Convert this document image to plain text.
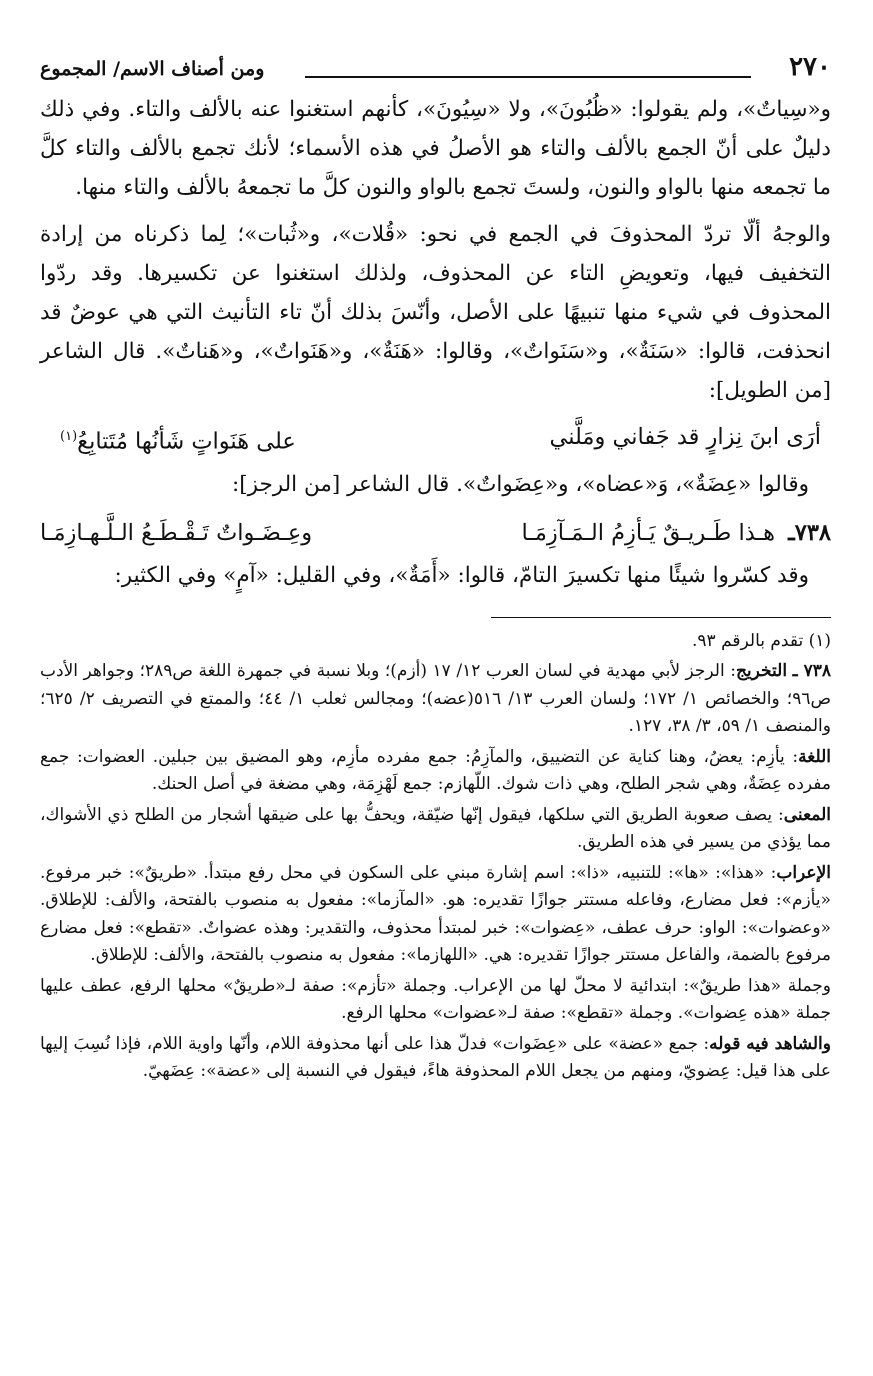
٢٧٠
ومن أصناف الاسم/ المجموع

و«سِياتٌ»، ولم يقولوا: «ظُبُونَ»، ولا «سِيُونَ»، كأنهم استغنوا عنه بالألف والتاء. وفي ذلك دليلٌ على أنّ الجمع بالألف والتاء هو الأصلُ في هذه الأسماء؛ لأنك تجمع بالألف والتاء كلَّ ما تجمعه منها بالواو والنون، ولستَ تجمع بالواو والنون كلَّ ما تجمعهُ بالألف والتاء منها.

والوجهُ ألّا تردّ المحذوفَ في الجمع في نحو: «قُلات»، و«ثُبات»؛ لِما ذكرناه من إرادة التخفيف فيها، وتعويضِ التاء عن المحذوف، ولذلك استغنوا عن تكسيرها. وقد ردّوا المحذوف في شيء منها تنبيهًا على الأصل، وأنّسَ بذلك أنّ تاء التأنيث التي هي عوضٌ قد انحذفت، قالوا: «سَنَةٌ»، و«سَنَواتٌ»، وقالوا: «هَنَةٌ»، و«هَنَواتٌ»، و«هَناتٌ». قال الشاعر [من الطويل]:

أرَى ابنَ نِزارٍ قد جَفاني ومَلَّني
على هَنَواتٍ شَأنُها مُتَتابِعُ$^{(١)}$

وقالوا «عِضَةٌ»، وَ«عضاه»، و«عِضَواتٌ». قال الشاعر [من الرجز]:

٧٣٨ـ هـذا طَـريـقٌ يَـأزِمُ الـمَـآزِمَـا
وعِـضَـواتٌ تَـقْـطَـعُ الـلَّـهـازِمَـا

وقد كسّروا شيئًا منها تكسيرَ التامّ، قالوا: «أَمَةٌ»، وفي القليل: «آمٍ» وفي الكثير:

(١) تقدم بالرقم ٩٣.

٧٣٨ ـ التخريج: الرجز لأبي مهدية في لسان العرب ١٢/ ١٧ (أزم)؛ وبلا نسبة في جمهرة اللغة ص٢٨٩؛ وجواهر الأدب ص٩٦؛ والخصائص ١/ ١٧٢؛ ولسان العرب ١٣/ ٥١٦(عضه)؛ ومجالس ثعلب ١/ ٤٤؛ والممتع في التصريف ٢/ ٦٢٥؛ والمنصف ١/ ٥٩، ٣/ ٣٨، ١٢٧.

اللغة: يأزِم: يعضُ، وهنا كناية عن التضييق، والمآزِمُ: جمع مفرده مأزِم، وهو المضيق بين جبلين. العضوات: جمع مفرده عِضَةٌ، وهي شجر الطلح، وهي ذات شوك. اللّهازم: جمع لَهْزِمَة، وهي مضغة في أصل الحنك.

المعنى: يصف صعوبة الطريق التي سلكها، فيقول إنّها ضيّقة، ويحفُّ بها على ضيقها أشجار من الطلح ذي الأشواك، مما يؤذي من يسير في هذه الطريق.

الإعراب: «هذا»: «ها»: للتنبيه، «ذا»: اسم إشارة مبني على السكون في محل رفع مبتدأ. «طريقٌ»: خبر مرفوع. «يأزم»: فعل مضارع، وفاعله مستتر جوازًا تقديره: هو. «المآزما»: مفعول به منصوب بالفتحة، والألف: للإطلاق. «وعضوات»: الواو: حرف عطف، «عِضوات»: خبر لمبتدأ محذوف، والتقدير: وهذه عضواتٌ. «تقطع»: فعل مضارع مرفوع بالضمة، والفاعل مستتر جوازًا تقديره: هي. «اللهازما»: مفعول به منصوب بالفتحة، والألف: للإطلاق.

وجملة «هذا طريقٌ»: ابتدائية لا محلّ لها من الإعراب. وجملة «تأزم»: صفة لـ«طريقٌ» محلها الرفع، عطف عليها جملة «هذه عِضوات». وجملة «تقطع»: صفة لـ«عضوات» محلها الرفع.

والشاهد فيه قوله: جمع «عضة» على «عِضَوات» فدلّ هذا على أنها محذوفة اللام، وأنّها واوية اللام، فإذا نُسِبَ إليها على هذا قيل: عِضويّ، ومنهم من يجعل اللام المحذوفة هاءً، فيقول في النسبة إلى «عضة»: عِضَهيّ.
